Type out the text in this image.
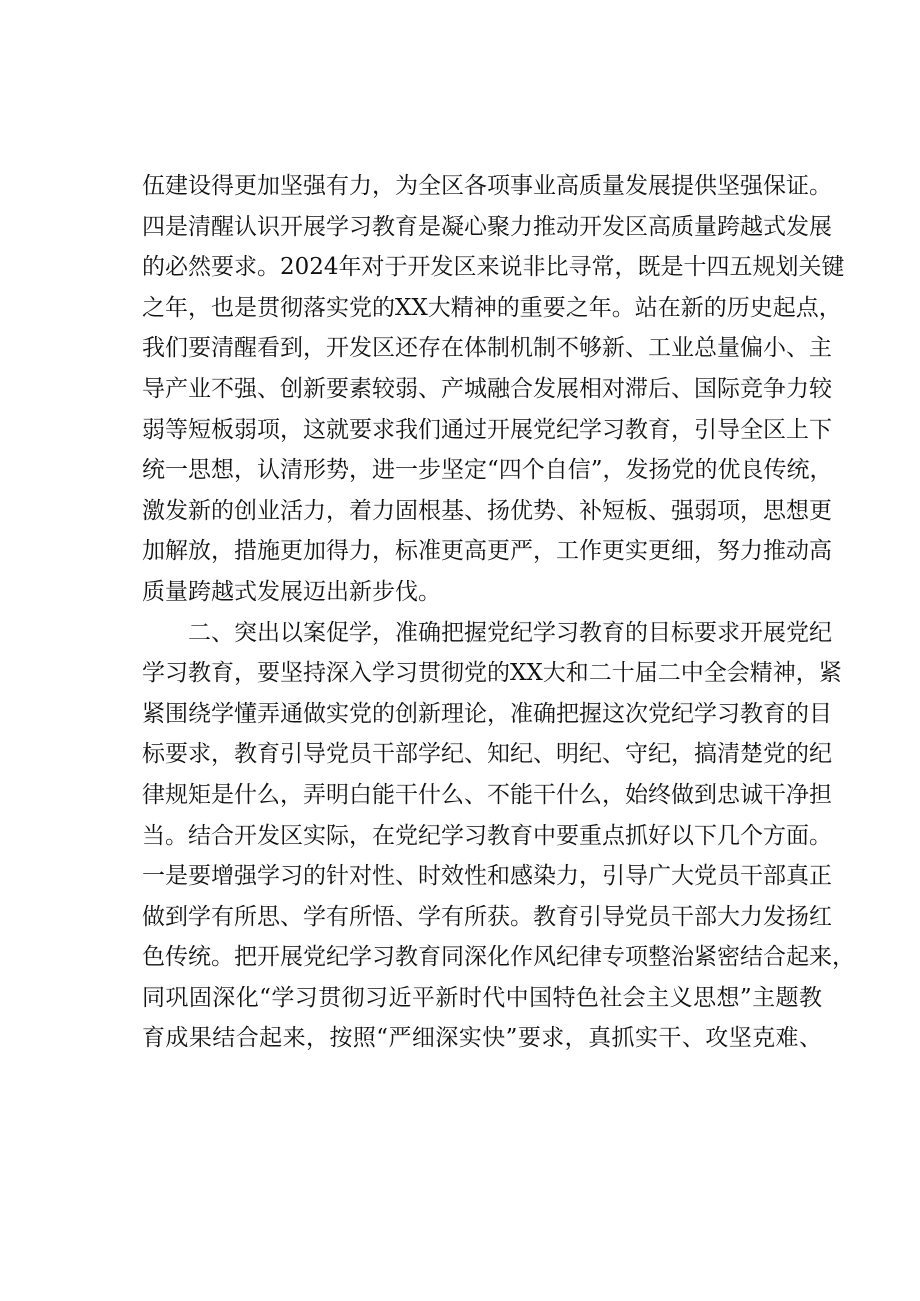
伍建设得更加坚强有力，为全区各项事业高质量发展提供坚强保证。
四是清醒认识开展学习教育是凝心聚力推动开发区高质量跨越式发展
的必然要求。2024年对于开发区来说非比寻常，既是十四五规划关键
之年，也是贯彻落实党的XX大精神的重要之年。站在新的历史起点，
我们要清醒看到，开发区还存在体制机制不够新、工业总量偏小、主
导产业不强、创新要素较弱、产城融合发展相对滞后、国际竞争力较
弱等短板弱项，这就要求我们通过开展党纪学习教育，引导全区上下
统一思想，认清形势，进一步坚定“四个自信”，发扬党的优良传统，
激发新的创业活力，着力固根基、扬优势、补短板、强弱项，思想更
加解放，措施更加得力，标准更高更严，工作更实更细，努力推动高
质量跨越式发展迈出新步伐。
二、突出以案促学，准确把握党纪学习教育的目标要求开展党纪
学习教育，要坚持深入学习贯彻党的XX大和二十届二中全会精神，紧
紧围绕学懂弄通做实党的创新理论，准确把握这次党纪学习教育的目
标要求，教育引导党员干部学纪、知纪、明纪、守纪，搞清楚党的纪
律规矩是什么，弄明白能干什么、不能干什么，始终做到忠诚干净担
当。结合开发区实际，在党纪学习教育中要重点抓好以下几个方面。
一是要增强学习的针对性、时效性和感染力，引导广大党员干部真正
做到学有所思、学有所悟、学有所获。教育引导党员干部大力发扬红
色传统。把开展党纪学习教育同深化作风纪律专项整治紧密结合起来，
同巩固深化“学习贯彻习近平新时代中国特色社会主义思想”主题教
育成果结合起来，按照“严细深实快”要求，真抓实干、攻坚克难、
